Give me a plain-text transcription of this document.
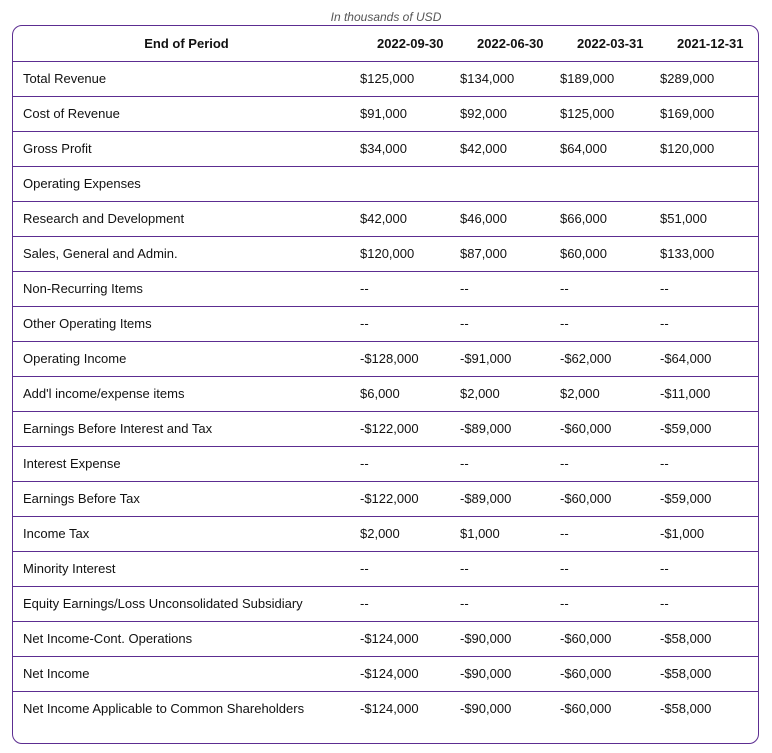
In thousands of USD
End of Period	2022-09-30	2022-06-30	2022-03-31	2021-12-31
Total Revenue	$125,000	$134,000	$189,000	$289,000
Cost of Revenue	$91,000	$92,000	$125,000	$169,000
Gross Profit	$34,000	$42,000	$64,000	$120,000
Operating Expenses				
Research and Development	$42,000	$46,000	$66,000	$51,000
Sales, General and Admin.	$120,000	$87,000	$60,000	$133,000
Non-Recurring Items	--	--	--	--
Other Operating Items	--	--	--	--
Operating Income	-$128,000	-$91,000	-$62,000	-$64,000
Add'l income/expense items	$6,000	$2,000	$2,000	-$11,000
Earnings Before Interest and Tax	-$122,000	-$89,000	-$60,000	-$59,000
Interest Expense	--	--	--	--
Earnings Before Tax	-$122,000	-$89,000	-$60,000	-$59,000
Income Tax	$2,000	$1,000	--	-$1,000
Minority Interest	--	--	--	--
Equity Earnings/Loss Unconsolidated Subsidiary	--	--	--	--
Net Income-Cont. Operations	-$124,000	-$90,000	-$60,000	-$58,000
Net Income	-$124,000	-$90,000	-$60,000	-$58,000
Net Income Applicable to Common Shareholders	-$124,000	-$90,000	-$60,000	-$58,000
